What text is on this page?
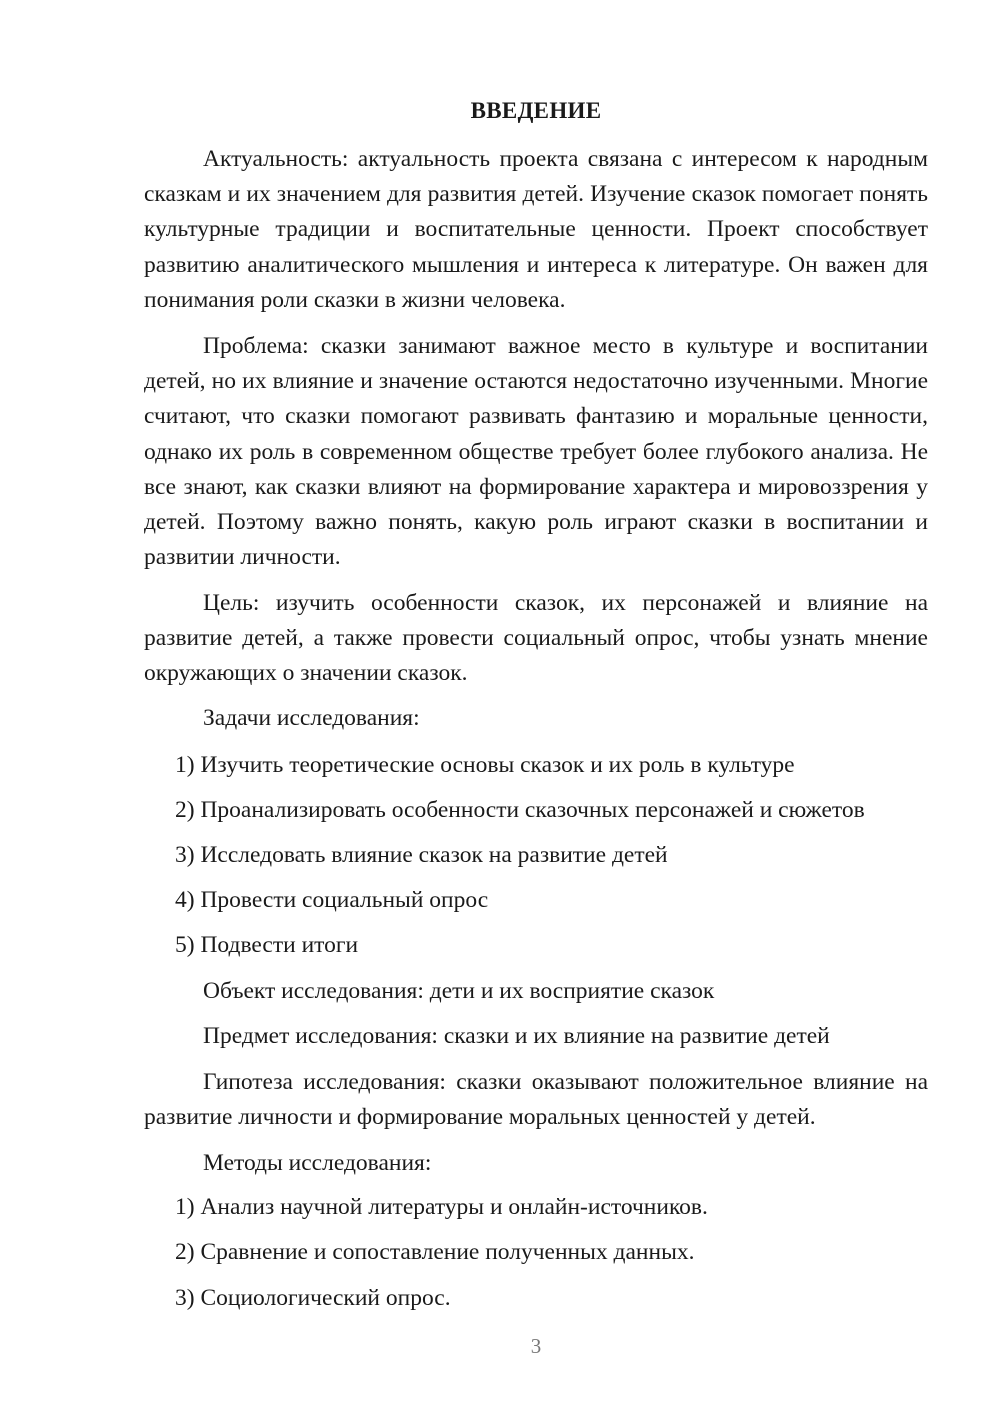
ВВЕДЕНИЕ

Актуальность: актуальность проекта связана с интересом к народным сказкам и их значением для развития детей. Изучение сказок помогает понять культурные традиции и воспитательные ценности. Проект способствует развитию аналитического мышления и интереса к литературе. Он важен для понимания роли сказки в жизни человека.

Проблема: сказки занимают важное место в культуре и воспитании детей, но их влияние и значение остаются недостаточно изученными. Многие считают, что сказки помогают развивать фантазию и моральные ценности, однако их роль в современном обществе требует более глубокого анализа. Не все знают, как сказки влияют на формирование характера и мировоззрения у детей. Поэтому важно понять, какую роль играют сказки в воспитании и развитии личности.

Цель: изучить особенности сказок, их персонажей и влияние на развитие детей, а также провести социальный опрос, чтобы узнать мнение окружающих о значении сказок.

Задачи исследования:

1) Изучить теоретические основы сказок и их роль в культуре

2) Проанализировать особенности сказочных персонажей и сюжетов

3) Исследовать влияние сказок на развитие детей

4) Провести социальный опрос

5) Подвести итоги

Объект исследования: дети и их восприятие сказок

Предмет исследования: сказки и их влияние на развитие детей

Гипотеза исследования: сказки оказывают положительное влияние на развитие личности и формирование моральных ценностей у детей.

Методы исследования:

1) Анализ научной литературы и онлайн-источников.

2) Сравнение и сопоставление полученных данных.

3) Социологический опрос.

3
